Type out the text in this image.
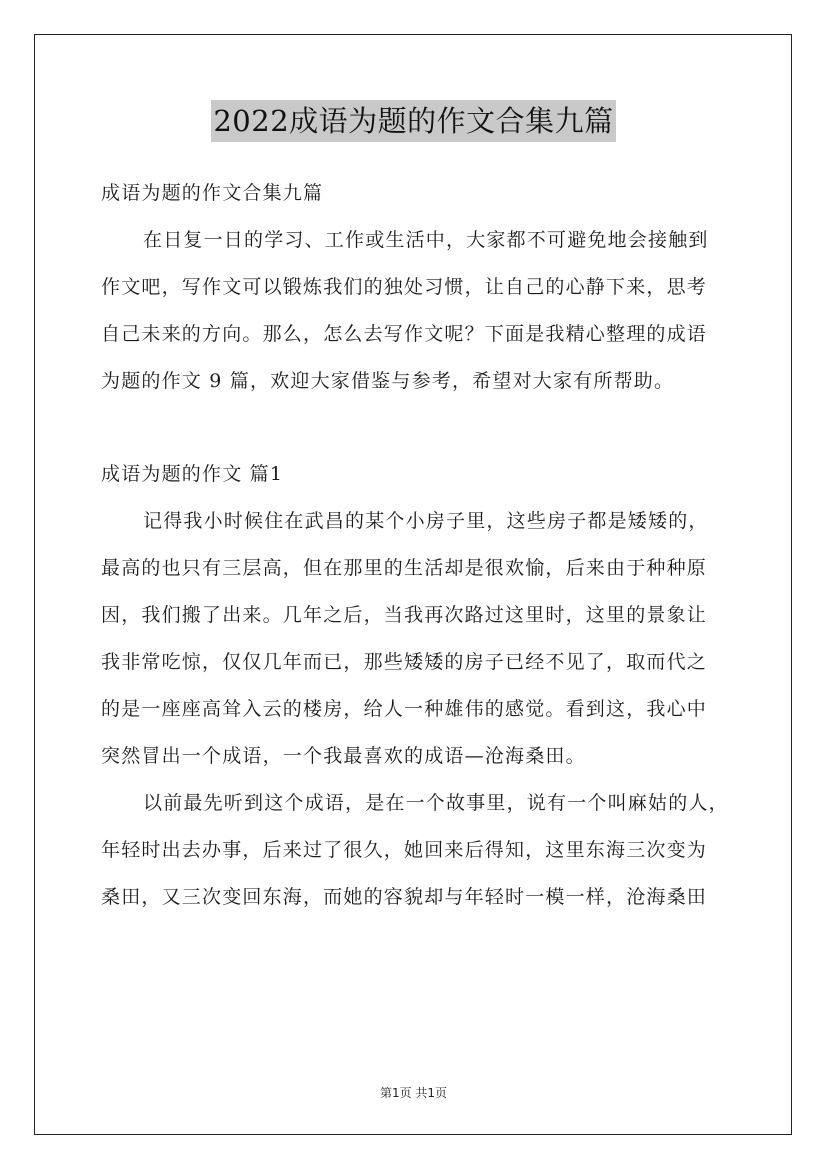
2022成语为题的作文合集九篇
成语为题的作文合集九篇
在日复一日的学习、工作或生活中，大家都不可避免地会接触到
作文吧，写作文可以锻炼我们的独处习惯，让自己的心静下来，思考
自己未来的方向。那么，怎么去写作文呢？下面是我精心整理的成语
为题的作文 9 篇，欢迎大家借鉴与参考，希望对大家有所帮助。
成语为题的作文 篇1
记得我小时候住在武昌的某个小房子里，这些房子都是矮矮的，
最高的也只有三层高，但在那里的生活却是很欢愉，后来由于种种原
因，我们搬了出来。几年之后，当我再次路过这里时，这里的景象让
我非常吃惊，仅仅几年而已，那些矮矮的房子已经不见了，取而代之
的是一座座高耸入云的楼房，给人一种雄伟的感觉。看到这，我心中
突然冒出一个成语，一个我最喜欢的成语—沧海桑田。
以前最先听到这个成语，是在一个故事里，说有一个叫麻姑的人，
年轻时出去办事，后来过了很久，她回来后得知，这里东海三次变为
桑田，又三次变回东海，而她的容貌却与年轻时一模一样，沧海桑田
第1页 共1页
